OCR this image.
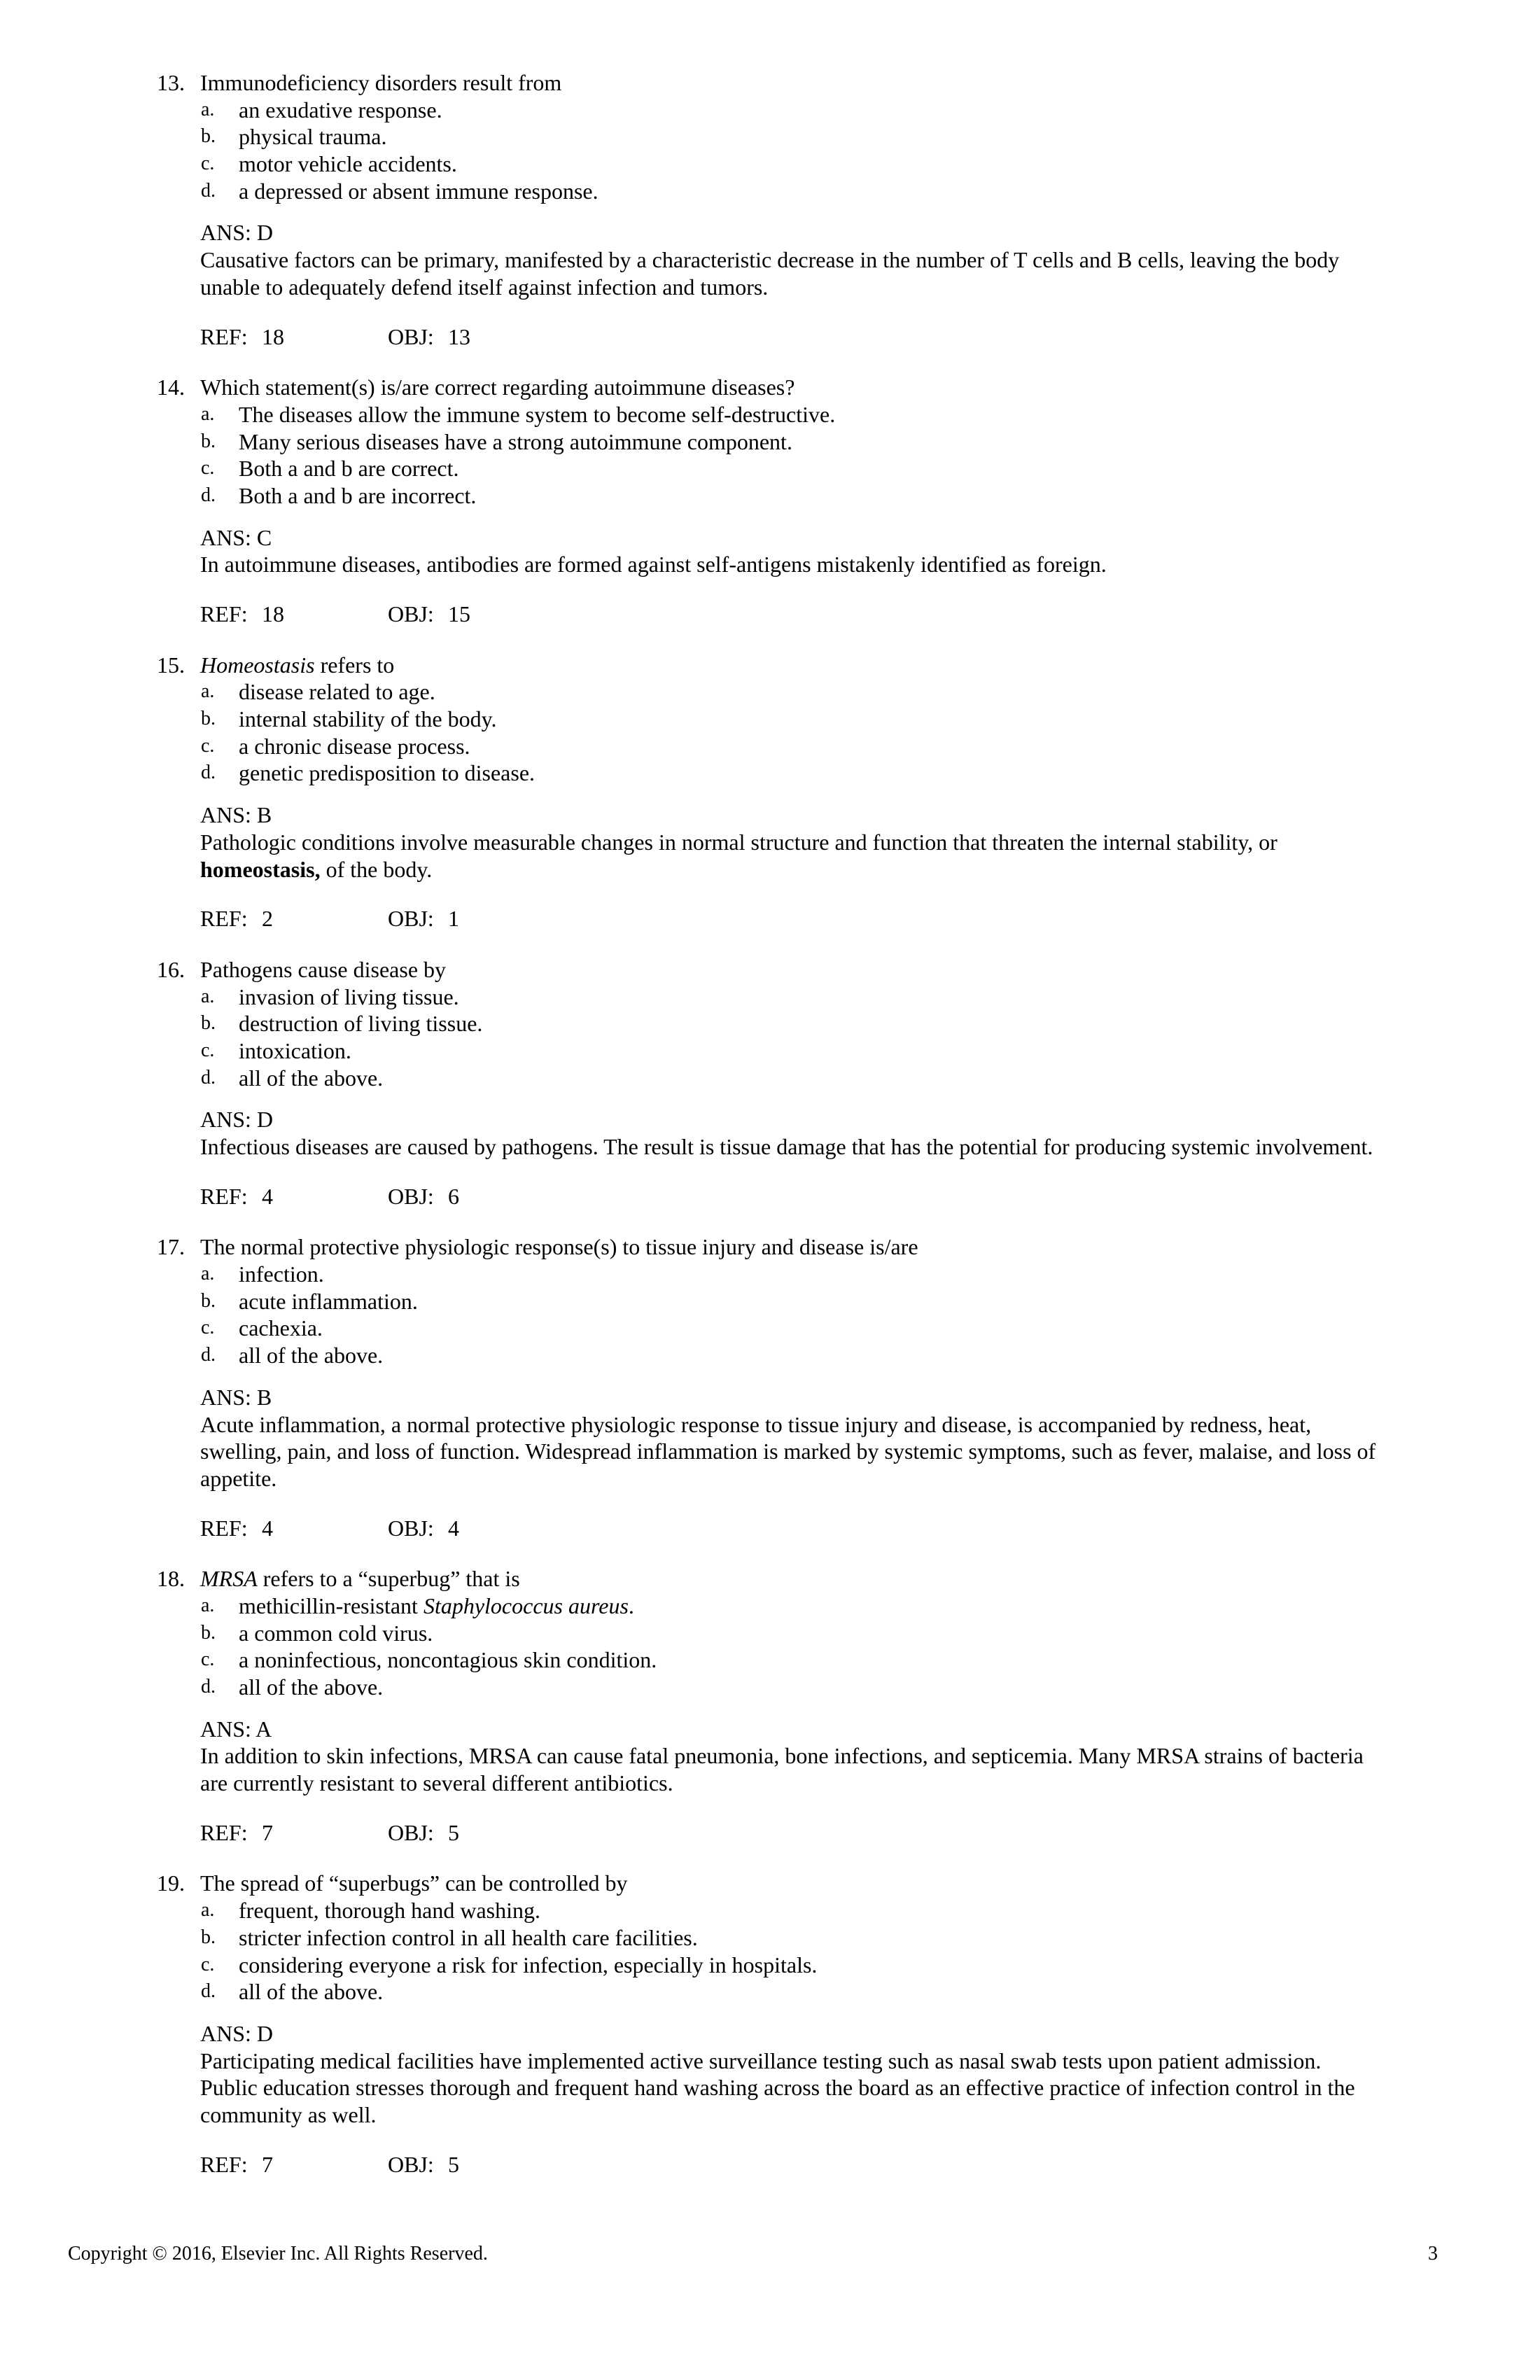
13. Immunodeficiency disorders result from
a. an exudative response.
b. physical trauma.
c. motor vehicle accidents.
d. a depressed or absent immune response.
ANS: D
Causative factors can be primary, manifested by a characteristic decrease in the number of T cells and B cells, leaving the body
unable to adequately defend itself against infection and tumors.
REF: 18	OBJ: 13
14. Which statement(s) is/are correct regarding autoimmune diseases?
a. The diseases allow the immune system to become self-destructive.
b. Many serious diseases have a strong autoimmune component.
c. Both a and b are correct.
d. Both a and b are incorrect.
ANS: C
In autoimmune diseases, antibodies are formed against self-antigens mistakenly identified as foreign.
REF: 18	OBJ: 15
15. Homeostasis refers to
a. disease related to age.
b. internal stability of the body.
c. a chronic disease process.
d. genetic predisposition to disease.
ANS: B
Pathologic conditions involve measurable changes in normal structure and function that threaten the internal stability, or
homeostasis, of the body.
REF: 2	OBJ: 1
16. Pathogens cause disease by
a. invasion of living tissue.
b. destruction of living tissue.
c. intoxication.
d. all of the above.
ANS: D
Infectious diseases are caused by pathogens. The result is tissue damage that has the potential for producing systemic involvement.
REF: 4	OBJ: 6
17. The normal protective physiologic response(s) to tissue injury and disease is/are
a. infection.
b. acute inflammation.
c. cachexia.
d. all of the above.
ANS: B
Acute inflammation, a normal protective physiologic response to tissue injury and disease, is accompanied by redness, heat,
swelling, pain, and loss of function. Widespread inflammation is marked by systemic symptoms, such as fever, malaise, and loss of
appetite.
REF: 4	OBJ: 4
18. MRSA refers to a “superbug” that is
a. methicillin-resistant Staphylococcus aureus.
b. a common cold virus.
c. a noninfectious, noncontagious skin condition.
d. all of the above.
ANS: A
In addition to skin infections, MRSA can cause fatal pneumonia, bone infections, and septicemia. Many MRSA strains of bacteria
are currently resistant to several different antibiotics.
REF: 7	OBJ: 5
19. The spread of “superbugs” can be controlled by
a. frequent, thorough hand washing.
b. stricter infection control in all health care facilities.
c. considering everyone a risk for infection, especially in hospitals.
d. all of the above.
ANS: D
Participating medical facilities have implemented active surveillance testing such as nasal swab tests upon patient admission.
Public education stresses thorough and frequent hand washing across the board as an effective practice of infection control in the
community as well.
REF: 7	OBJ: 5
Copyright © 2016, Elsevier Inc. All Rights Reserved.	3
